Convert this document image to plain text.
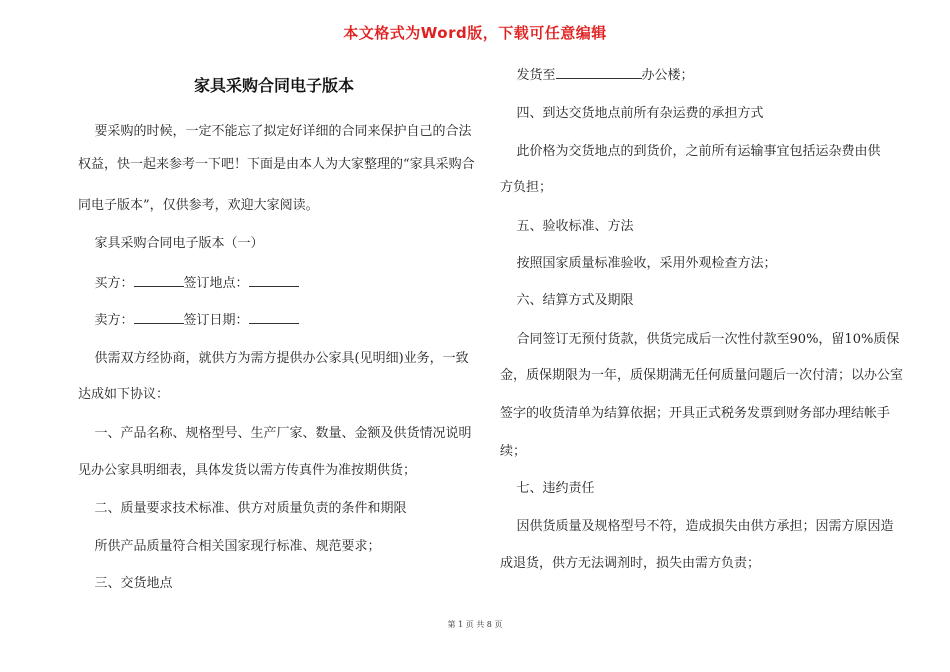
本文格式为Word版，下载可任意编辑
家具采购合同电子版本
要采购的时候，一定不能忘了拟定好详细的合同来保护自己的合法
权益，快一起来参考一下吧！下面是由本人为大家整理的“家具采购合
同电子版本”，仅供参考，欢迎大家阅读。
家具采购合同电子版本（一）
买方：	签订地点：
卖方：	签订日期：
供需双方经协商，就供方为需方提供办公家具(见明细)业务，一致
达成如下协议：
一、产品名称、规格型号、生产厂家、数量、金额及供货情况说明
见办公家具明细表，具体发货以需方传真件为准按期供货；
二、质量要求技术标准、供方对质量负责的条件和期限
所供产品质量符合相关国家现行标准、规范要求；
三、交货地点
发货至	办公楼；
四、到达交货地点前所有杂运费的承担方式
此价格为交货地点的到货价，之前所有运输事宜包括运杂费由供
方负担；
五、验收标准、方法
按照国家质量标准验收，采用外观检查方法；
六、结算方式及期限
合同签订无预付货款，供货完成后一次性付款至90%，留10%质保
金，质保期限为一年，质保期满无任何质量问题后一次付清；以办公室
签字的收货清单为结算依据；开具正式税务发票到财务部办理结帐手
续；
七、违约责任
因供货质量及规格型号不符，造成损失由供方承担；因需方原因造
成退货，供方无法调剂时，损失由需方负责；
第 1 页 共 8 页
